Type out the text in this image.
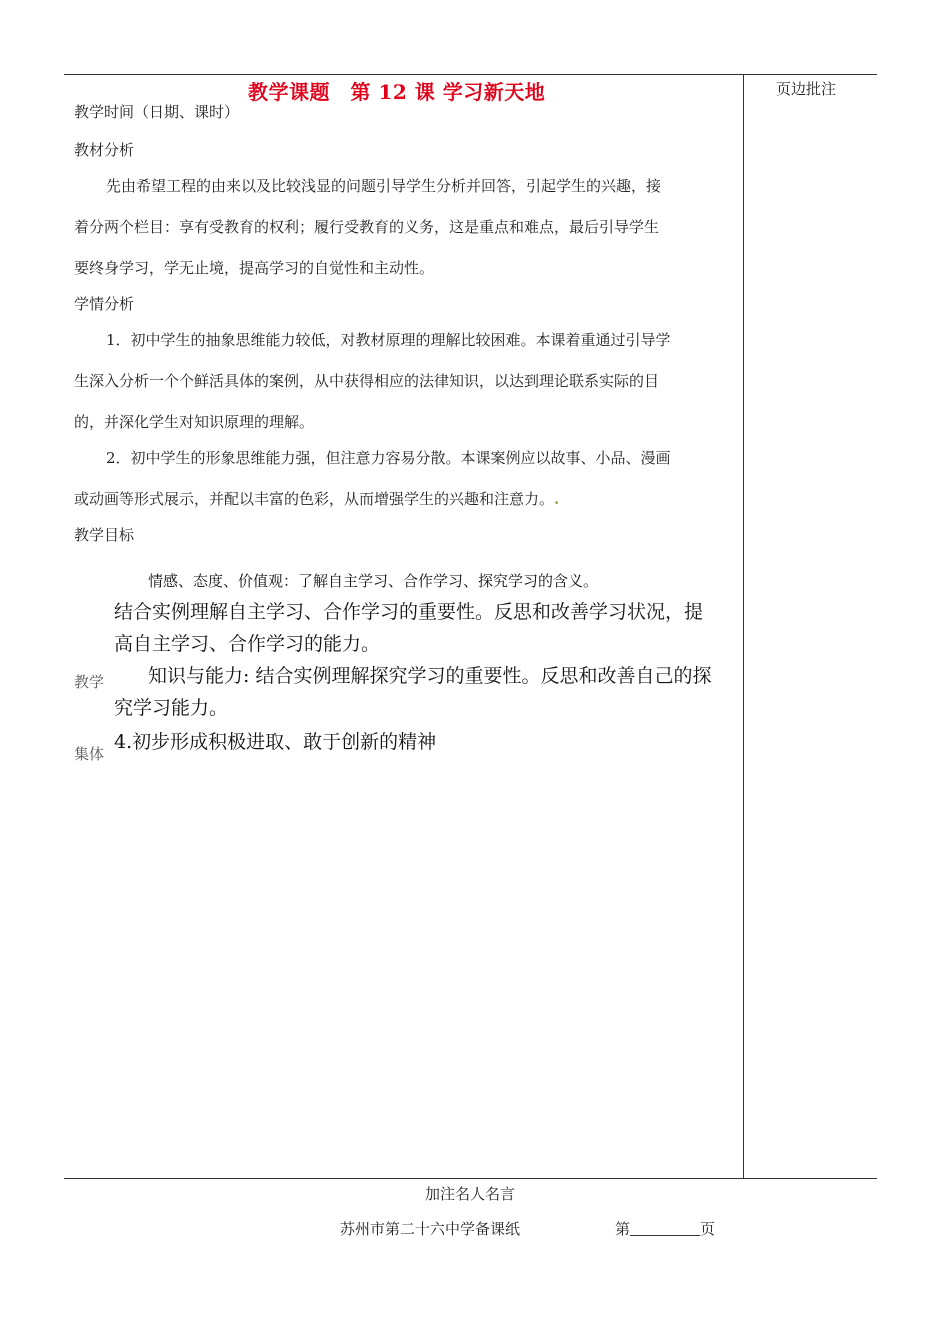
教学课题　第 12 课 学习新天地	页边批注
教学时间（日期、课时）
教材分析
先由希望工程的由来以及比较浅显的问题引导学生分析并回答，引起学生的兴趣，接
着分两个栏目：享有受教育的权利；履行受教育的义务，这是重点和难点，最后引导学生
要终身学习，学无止境，提高学习的自觉性和主动性。
学情分析
1．初中学生的抽象思维能力较低，对教材原理的理解比较困难。本课着重通过引导学
生深入分析一个个鲜活具体的案例，从中获得相应的法律知识，以达到理论联系实际的目
的，并深化学生对知识原理的理解。
2．初中学生的形象思维能力强，但注意力容易分散。本课案例应以故事、小品、漫画
或动画等形式展示，并配以丰富的色彩，从而增强学生的兴趣和注意力。.
教学目标
情感、态度、价值观：了解自主学习、合作学习、探究学习的含义。
结合实例理解自主学习、合作学习的重要性。反思和改善学习状况，提
高自主学习、合作学习的能力。
教学 知识与能力: 结合实例理解探究学习的重要性。反思和改善自己的探
究学习能力。
集体
4.初步形成积极进取、敢于创新的精神
加注名人名言
苏州市第二十六中学备课纸	第	页
